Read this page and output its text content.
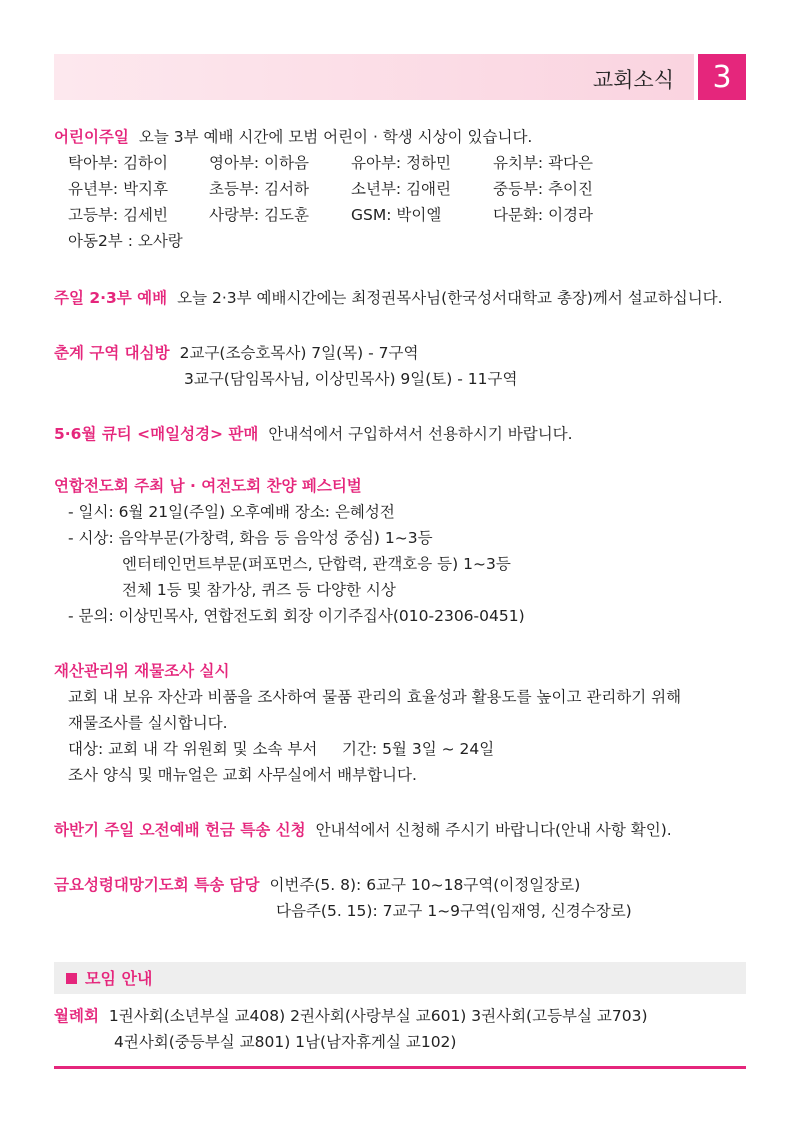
교회소식	3
어린이주일 오늘 3부 예배 시간에 모범 어린이 · 학생 시상이 있습니다.
탁아부: 김하이	영아부: 이하음	유아부: 정하민	유치부: 곽다은
유년부: 박지후	초등부: 김서하	소년부: 김애린	중등부: 추이진
고등부: 김세빈	사랑부: 김도훈	GSM: 박이엘	다문화: 이경라
아동2부 : 오사랑
주일 2·3부 예배 오늘 2·3부 예배시간에는 최정권목사님(한국성서대학교 총장)께서 설교하십니다.
춘계 구역 대심방 2교구(조승호목사) 7일(목) - 7구역
3교구(담임목사님, 이상민목사) 9일(토) - 11구역
5·6월 큐티 <매일성경> 판매 안내석에서 구입하셔서 선용하시기 바랍니다.
연합전도회 주최 남 · 여전도회 찬양 페스티벌
- 일시: 6월 21일(주일) 오후예배 장소: 은혜성전
- 시상: 음악부문(가창력, 화음 등 음악성 중심) 1~3등
엔터테인먼트부문(퍼포먼스, 단합력, 관객호응 등) 1~3등
전체 1등 및 참가상, 퀴즈 등 다양한 시상
- 문의: 이상민목사, 연합전도회 회장 이기주집사(010-2306-0451)
재산관리위 재물조사 실시
교회 내 보유 자산과 비품을 조사하여 물품 관리의 효율성과 활용도를 높이고 관리하기 위해
재물조사를 실시합니다.
대상: 교회 내 각 위원회 및 소속 부서     기간: 5월 3일 ~ 24일
조사 양식 및 매뉴얼은 교회 사무실에서 배부합니다.
하반기 주일 오전예배 헌금 특송 신청 안내석에서 신청해 주시기 바랍니다(안내 사항 확인).
금요성령대망기도회 특송 담당 이번주(5. 8): 6교구 10~18구역(이정일장로)
다음주(5. 15): 7교구 1~9구역(임재영, 신경수장로)
모임 안내
월례회 1권사회(소년부실 교408) 2권사회(사랑부실 교601) 3권사회(고등부실 교703)
4권사회(중등부실 교801) 1남(남자휴게실 교102)
